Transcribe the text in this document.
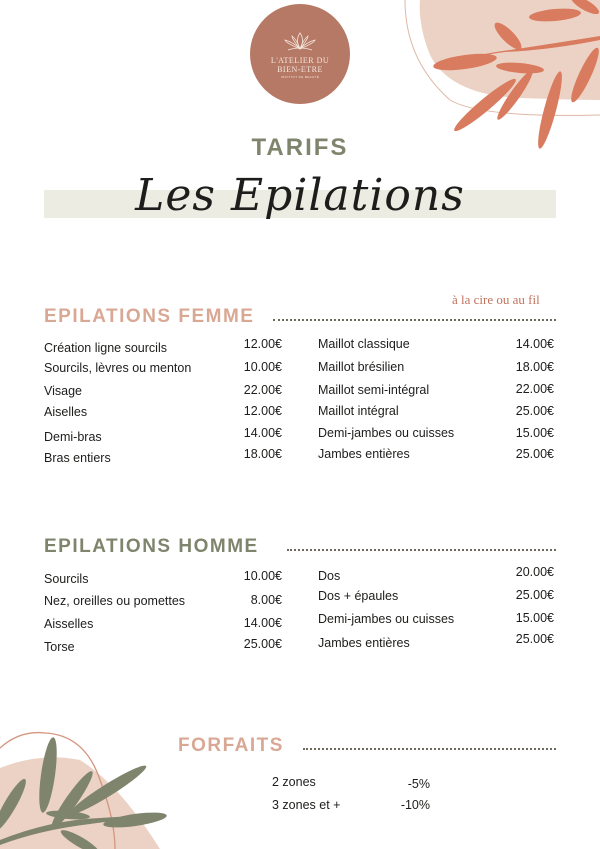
L'ATELIER DU
BIEN-ETRE
INSTITUT DE BEAUTÉ
TARIFS
Les Epilations
à la cire ou au fil
EPILATIONS FEMME
Création ligne sourcils	12.00€
Sourcils, lèvres ou menton	10.00€
Visage	22.00€
Aiselles	12.00€
Demi-bras	14.00€
Bras entiers	18.00€
Maillot classique	14.00€
Maillot brésilien	18.00€
Maillot semi-intégral	22.00€
Maillot intégral	25.00€
Demi-jambes ou cuisses	15.00€
Jambes entières	25.00€
EPILATIONS HOMME
Sourcils	10.00€
Nez, oreilles ou pomettes	8.00€
Aisselles	14.00€
Torse	25.00€
Dos	20.00€
Dos + épaules	25.00€
Demi-jambes ou cuisses	15.00€
Jambes entières	25.00€
FORFAITS
2 zones	-5%
3 zones et +	-10%
